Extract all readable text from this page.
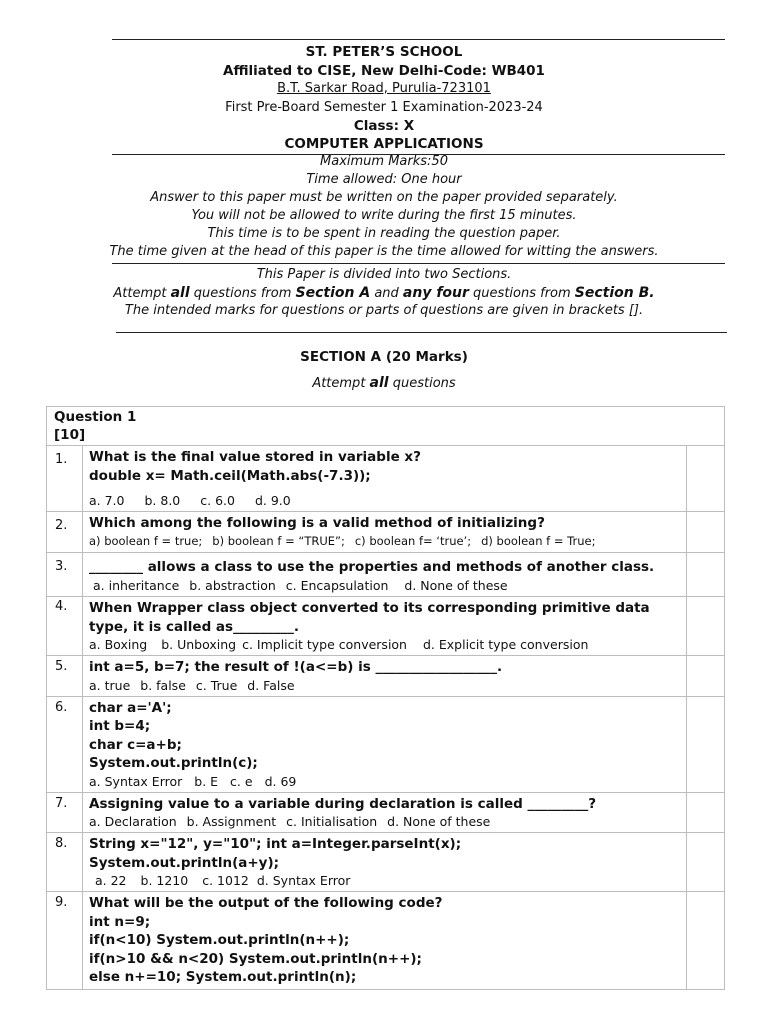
ST. PETER’S SCHOOL
Affiliated to CISE, New Delhi-Code: WB401
B.T. Sarkar Road, Purulia-723101
First Pre-Board Semester 1 Examination-2023-24
Class: X
COMPUTER APPLICATIONS
Maximum Marks:50
Time allowed: One hour
Answer to this paper must be written on the paper provided separately.
You will not be allowed to write during the first 15 minutes.
This time is to be spent in reading the question paper.
The time given at the head of this paper is the time allowed for witting the answers.
This Paper is divided into two Sections.
Attempt all questions from Section A and any four questions from Section B.
The intended marks for questions or parts of questions are given in brackets [].
SECTION A (20 Marks)
Attempt all questions
Question 1
[10]		

1.	What is the final value stored in variable x?
double x= Math.ceil(Math.abs(-7.3));
a. 7.0 b. 8.0 c. 6.0 d. 9.0	

2.	Which among the following is a valid method of initializing?
a) boolean f = true; b) boolean f = “TRUE”; c) boolean f= ‘true’; d) boolean f = True;	

3.	________ allows a class to use the properties and methods of another class.
a. inheritance b. abstraction c. Encapsulation d. None of these	

4.	When Wrapper class object converted to its corresponding primitive data type, it is called as_________.
a. Boxing b. Unboxing c. Implicit type conversion d. Explicit type conversion	

5.	int a=5, b=7; the result of !(a<=b) is __________________.
a. true b. false c. True d. False	

6.	char a='A';
int b=4;
char c=a+b;
System.out.println(c);
a. Syntax Error b. E c. e d. 69	

7.	Assigning value to a variable during declaration is called _________?
a. Declaration b. Assignment c. Initialisation d. None of these	

8.	String x="12", y="10"; int a=Integer.parseInt(x);
System.out.println(a+y);
a. 22 b. 1210 c. 1012 d. Syntax Error	

9.	What will be the output of the following code?
int n=9;
if(n<10) System.out.println(n++);
if(n>10 && n<20) System.out.println(n++);
else n+=10; System.out.println(n);	
